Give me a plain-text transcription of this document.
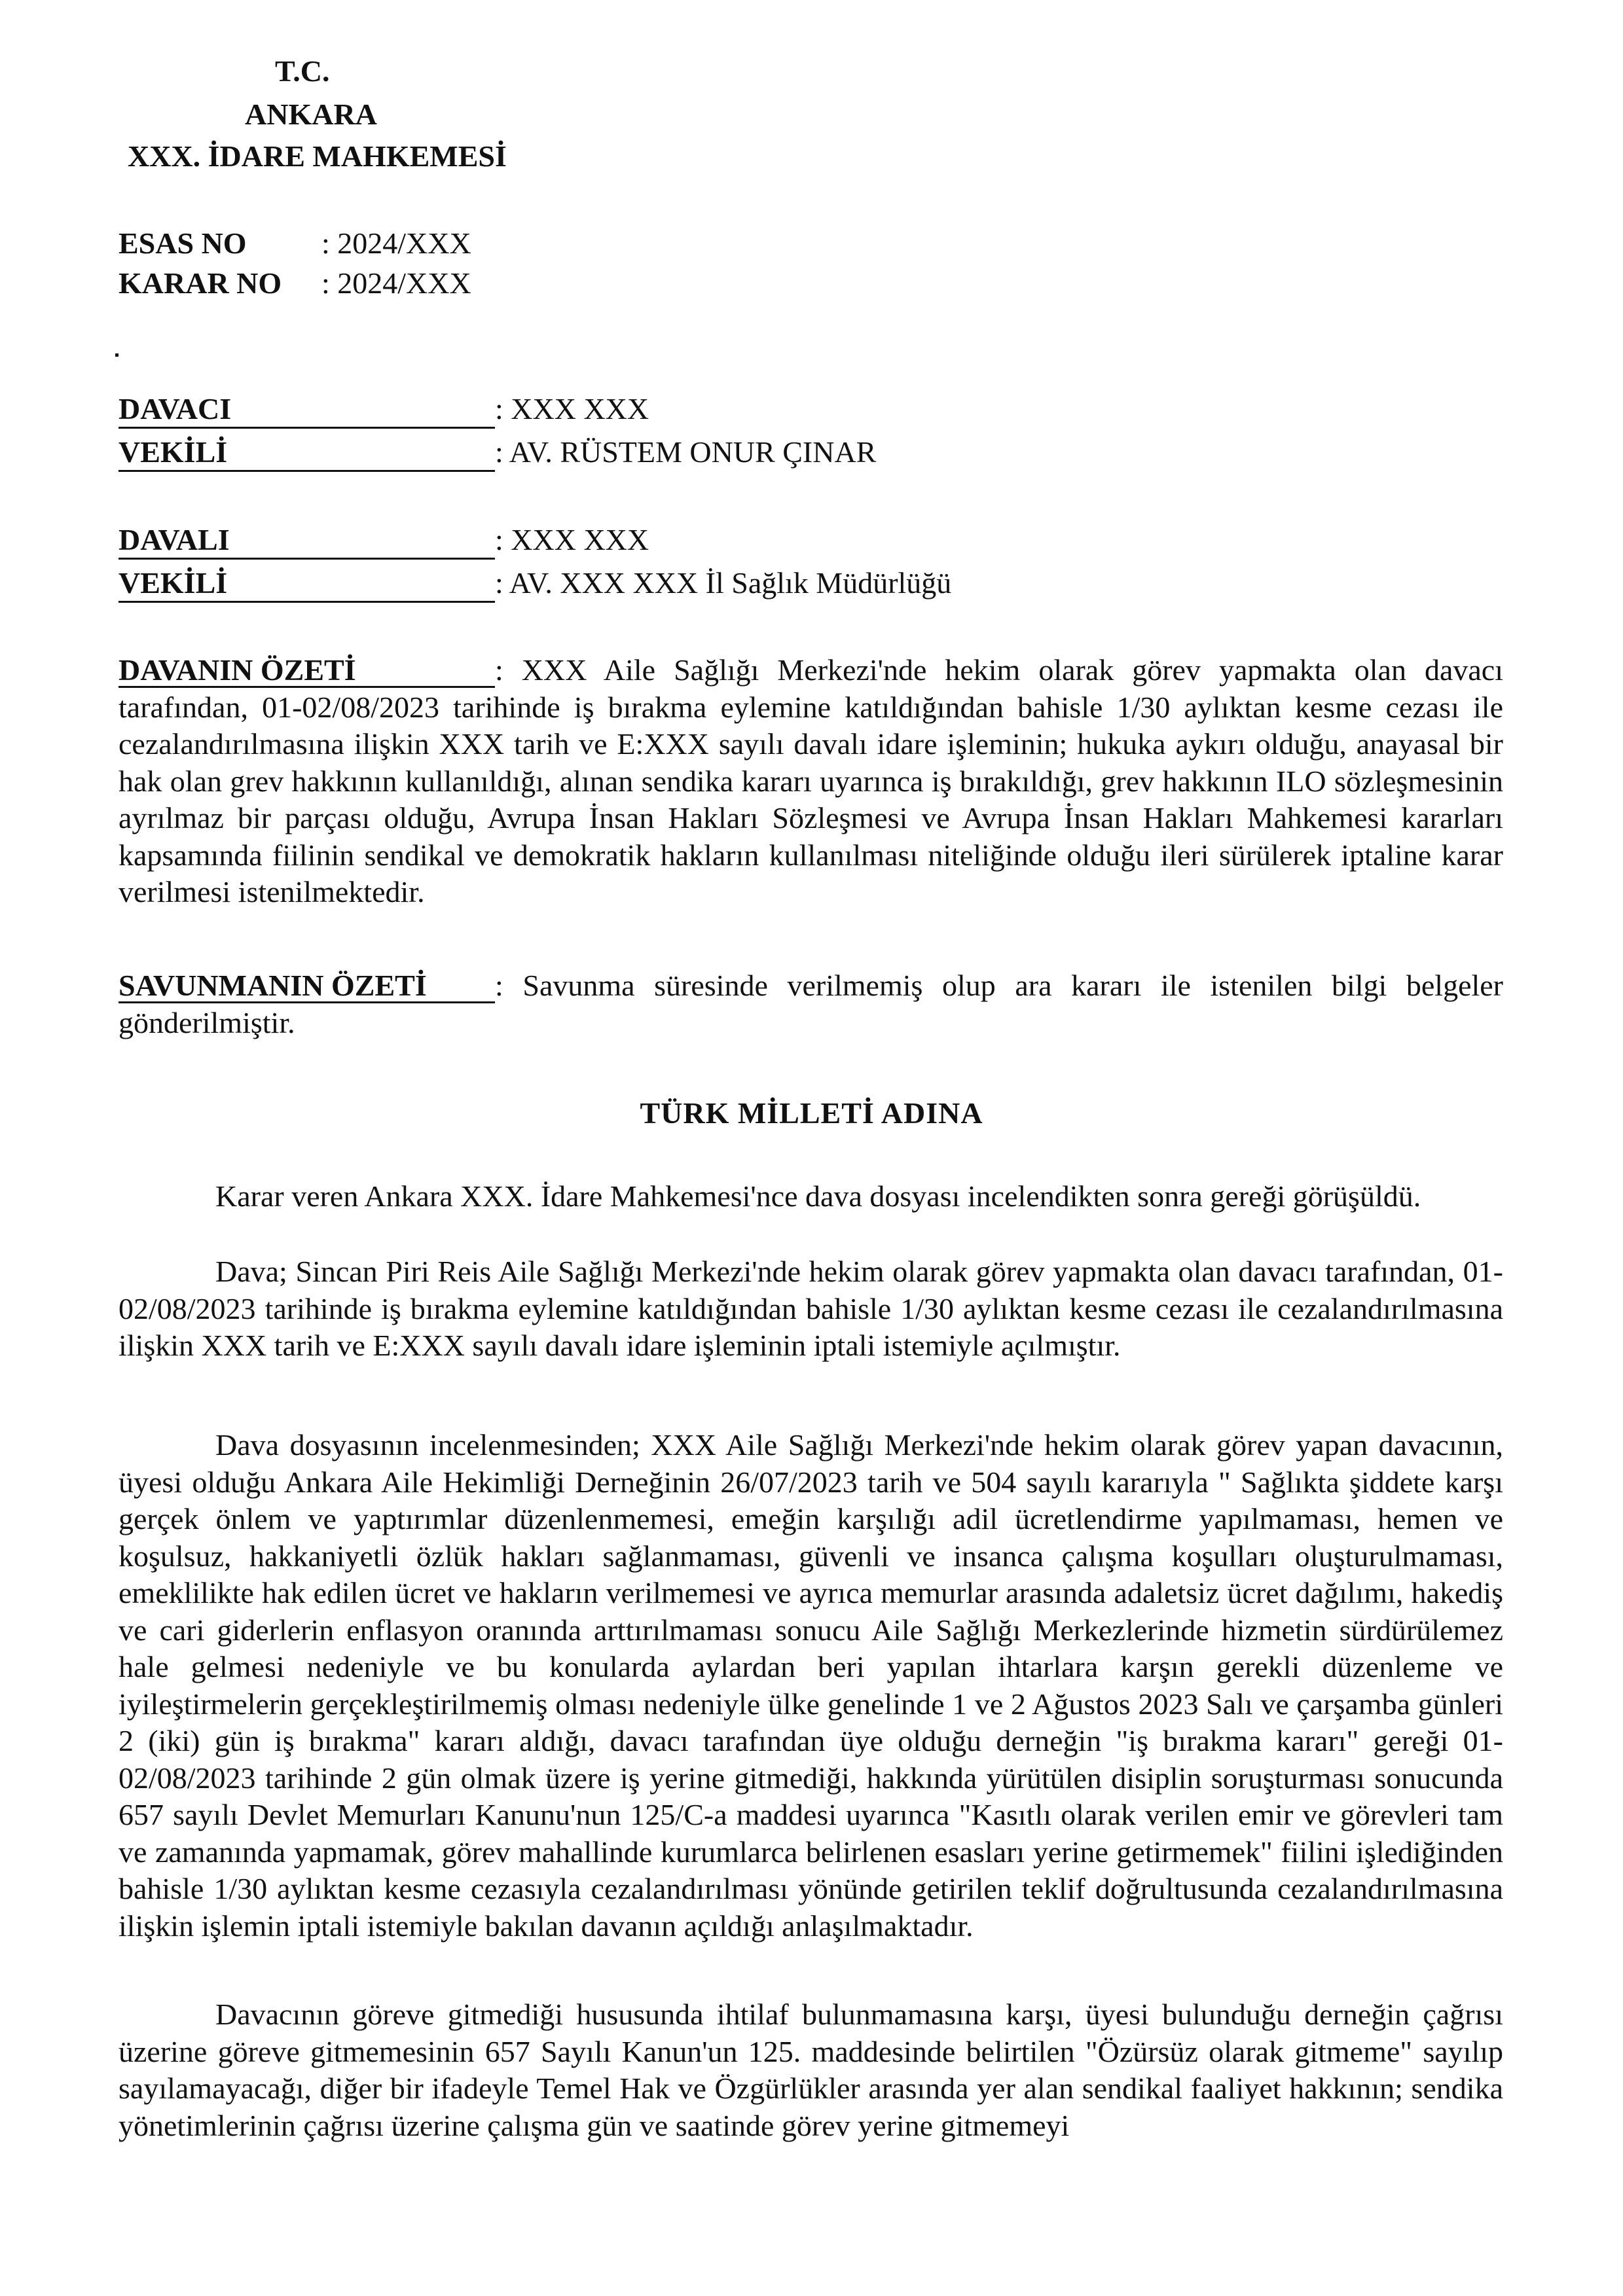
T.C.
ANKARA
XXX. İDARE MAHKEMESİ
ESAS NO : 2024/XXX
KARAR NO : 2024/XXX
DAVACI	: XXX XXX
VEKİLİ	: AV. RÜSTEM ONUR ÇINAR
DAVALI	: XXX XXX
VEKİLİ	: AV. XXX XXX İl Sağlık Müdürlüğü

DAVANIN ÖZETİ	: XXX Aile Sağlığı Merkezi'nde hekim olarak görev yapmakta olan davacı tarafından, 01-02/08/2023 tarihinde iş bırakma eylemine katıldığından bahisle 1/30 aylıktan kesme cezası ile cezalandırılmasına ilişkin XXX tarih ve E:XXX sayılı davalı idare işleminin; hukuka aykırı olduğu, anayasal bir hak olan grev hakkının kullanıldığı, alınan sendika kararı uyarınca iş bırakıldığı, grev hakkının ILO sözleşmesinin ayrılmaz bir parçası olduğu, Avrupa İnsan Hakları Sözleşmesi ve Avrupa İnsan Hakları Mahkemesi kararları kapsamında fiilinin sendikal ve demokratik hakların kullanılması niteliğinde olduğu ileri sürülerek iptaline karar verilmesi istenilmektedir.

SAVUNMANIN ÖZETİ : Savunma süresinde verilmemiş olup ara kararı ile istenilen bilgi belgeler gönderilmiştir.

TÜRK MİLLETİ ADINA

Karar veren Ankara XXX. İdare Mahkemesi'nce dava dosyası incelendikten sonra gereği görüşüldü.

Dava; Sincan Piri Reis Aile Sağlığı Merkezi'nde hekim olarak görev yapmakta olan davacı tarafından, 01-02/08/2023 tarihinde iş bırakma eylemine katıldığından bahisle 1/30 aylıktan kesme cezası ile cezalandırılmasına ilişkin XXX tarih ve E:XXX sayılı davalı idare işleminin iptali istemiyle açılmıştır.

Dava dosyasının incelenmesinden; XXX Aile Sağlığı Merkezi'nde hekim olarak görev yapan davacının, üyesi olduğu Ankara Aile Hekimliği Derneğinin 26/07/2023 tarih ve 504 sayılı kararıyla " Sağlıkta şiddete karşı gerçek önlem ve yaptırımlar düzenlenmemesi, emeğin karşılığı adil ücretlendirme yapılmaması, hemen ve koşulsuz, hakkaniyetli özlük hakları sağlanmaması, güvenli ve insanca çalışma koşulları oluşturulmaması, emeklilikte hak edilen ücret ve hakların verilmemesi ve ayrıca memurlar arasında adaletsiz ücret dağılımı, hakediş ve cari giderlerin enflasyon oranında arttırılmaması sonucu Aile Sağlığı Merkezlerinde hizmetin sürdürülemez hale gelmesi nedeniyle ve bu konularda aylardan beri yapılan ihtarlara karşın gerekli düzenleme ve iyileştirmelerin gerçekleştirilmemiş olması nedeniyle ülke genelinde 1 ve 2 Ağustos 2023 Salı ve çarşamba günleri 2 (iki) gün iş bırakma" kararı aldığı, davacı tarafından üye olduğu derneğin "iş bırakma kararı" gereği 01-02/08/2023 tarihinde 2 gün olmak üzere iş yerine gitmediği, hakkında yürütülen disiplin soruşturması sonucunda 657 sayılı Devlet Memurları Kanunu'nun 125/C-a maddesi uyarınca "Kasıtlı olarak verilen emir ve görevleri tam ve zamanında yapmamak, görev mahallinde kurumlarca belirlenen esasları yerine getirmemek" fiilini işlediğinden bahisle 1/30 aylıktan kesme cezasıyla cezalandırılması yönünde getirilen teklif doğrultusunda cezalandırılmasına ilişkin işlemin iptali istemiyle bakılan davanın açıldığı anlaşılmaktadır.

Davacının göreve gitmediği hususunda ihtilaf bulunmamasına karşı, üyesi bulunduğu derneğin çağrısı üzerine göreve gitmemesinin 657 Sayılı Kanun'un 125. maddesinde belirtilen "Özürsüz olarak gitmeme" sayılıp sayılamayacağı, diğer bir ifadeyle Temel Hak ve Özgürlükler arasında yer alan sendikal faaliyet hakkının; sendika yönetimlerinin çağrısı üzerine çalışma gün ve saatinde görev yerine gitmemeyi
